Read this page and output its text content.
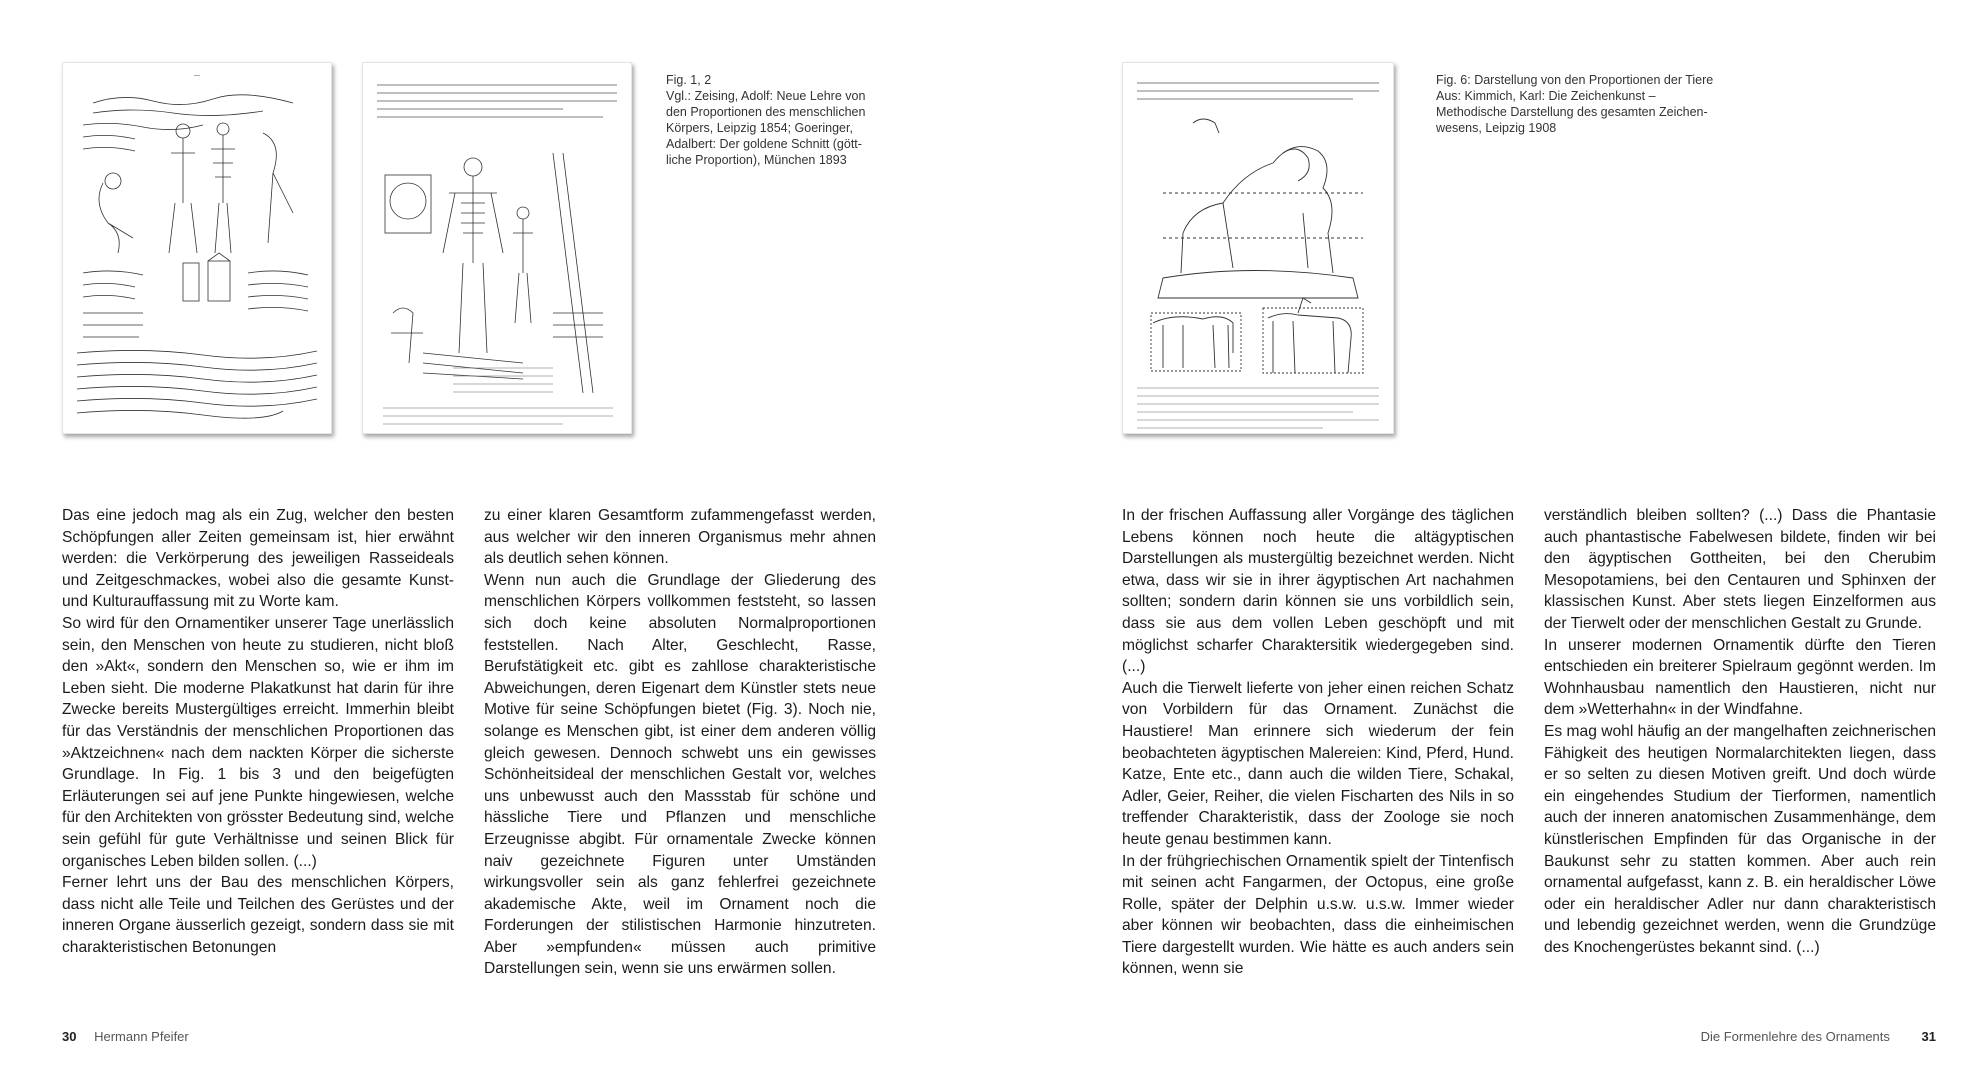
—	Fig. 1, 2
Vgl.: Zeising, Adolf: Neue Lehre von
den Proportionen des menschlichen
Körpers, Leipzig 1854; Goeringer,
Adalbert: Der goldene Schnitt (gött-
liche Proportion), München 1893
Fig. 6: Darstellung von den Proportionen der Tiere
Aus: Kimmich, Karl: Die Zeichenkunst –
Methodische Darstellung des gesamten Zeichen-
wesens, Leipzig 1908

Das eine jedoch mag als ein Zug, welcher den besten Schöpfungen aller Zeiten gemeinsam ist, hier erwähnt werden: die Verkörperung des jeweiligen Rasseideals und Zeitgeschmackes, wobei also die gesamte Kunst- und Kulturauffassung mit zu Worte kam.

So wird für den Ornamentiker unserer Tage unerlässlich sein, den Menschen von heute zu studieren, nicht bloß den »Akt«, sondern den Menschen so, wie er ihm im Leben sieht. Die moderne Plakatkunst hat darin für ihre Zwecke bereits Mustergültiges erreicht. Immerhin bleibt für das Verständnis der menschlichen Proportionen das »Aktzeichnen« nach dem nackten Körper die sicherste Grundlage. In Fig. 1 bis 3 und den beigefügten Erläuterungen sei auf jene Punkte hingewiesen, welche für den Architekten von grösster Bedeutung sind, welche sein gefühl für gute Verhältnisse und seinen Blick für organisches Leben bilden sollen. (...)

Ferner lehrt uns der Bau des menschlichen Körpers, dass nicht alle Teile und Teilchen des Gerüstes und der inneren Organe äusserlich gezeigt, sondern dass sie mit charakteristischen Betonungen

zu einer klaren Gesamtform zufammengefasst werden, aus welcher wir den inneren Organismus mehr ahnen als deutlich sehen können.

Wenn nun auch die Grundlage der Gliederung des menschlichen Körpers vollkommen feststeht, so lassen sich doch keine absoluten Normalproportionen feststellen. Nach Alter, Geschlecht, Rasse, Berufstätigkeit etc. gibt es zahllose charakteristische Abweichungen, deren Eigenart dem Künstler stets neue Motive für seine Schöpfungen bietet (Fig. 3). Noch nie, solange es Menschen gibt, ist einer dem anderen völlig gleich gewesen. Dennoch schwebt uns ein gewisses Schönheitsideal der menschlichen Gestalt vor, welches uns unbewusst auch den Massstab für schöne und hässliche Tiere und Pflanzen und menschliche Erzeugnisse abgibt. Für ornamentale Zwecke können naiv gezeichnete Figuren unter Umständen wirkungsvoller sein als ganz fehlerfrei gezeichnete akademische Akte, weil im Ornament noch die Forderungen der stilistischen Harmonie hinzutreten. Aber »empfunden« müssen auch primitive Darstellungen sein, wenn sie uns erwärmen sollen.

In der frischen Auffassung aller Vorgänge des täglichen Lebens können noch heute die altägyptischen Darstellungen als mustergültig bezeichnet werden. Nicht etwa, dass wir sie in ihrer ägyptischen Art nachahmen sollten; sondern darin können sie uns vorbildlich sein, dass sie aus dem vollen Leben geschöpft und mit möglichst scharfer Charaktersitik wiedergegeben sind. (...)

Auch die Tierwelt lieferte von jeher einen reichen Schatz von Vorbildern für das Ornament. Zunächst die Haustiere! Man erinnere sich wiederum der fein beobachteten ägyptischen Malereien: Kind, Pferd, Hund. Katze, Ente etc., dann auch die wilden Tiere, Schakal, Adler, Geier, Reiher, die vielen Fischarten des Nils in so treffender Charakteristik, dass der Zoologe sie noch heute genau bestimmen kann.

In der frühgriechischen Ornamentik spielt der Tintenfisch mit seinen acht Fangarmen, der Octopus, eine große Rolle, später der Delphin u.s.w. u.s.w. Immer wieder aber können wir beobachten, dass die einheimischen Tiere dargestellt wurden. Wie hätte es auch anders sein können, wenn sie

verständlich bleiben sollten? (...) Dass die Phantasie auch phantastische Fabelwesen bildete, finden wir bei den ägyptischen Gottheiten, bei den Cherubim Mesopotamiens, bei den Centauren und Sphinxen der klassischen Kunst. Aber stets liegen Einzelformen aus der Tierwelt oder der menschlichen Gestalt zu Grunde.

In unserer modernen Ornamentik dürfte den Tieren entschieden ein breiterer Spielraum gegönnt werden. Im Wohnhausbau namentlich den Haustieren, nicht nur dem »Wetterhahn« in der Windfahne.

Es mag wohl häufig an der mangelhaften zeichnerischen Fähigkeit des heutigen Normalarchitekten liegen, dass er so selten zu diesen Motiven greift. Und doch würde ein eingehendes Studium der Tierformen, namentlich auch der inneren anatomischen Zusammenhänge, dem künstlerischen Empfinden für das Organische in der Baukunst sehr zu statten kommen. Aber auch rein ornamental aufgefasst, kann z. B. ein heraldischer Löwe oder ein heraldischer Adler nur dann charakteristisch und lebendig gezeichnet werden, wenn die Grundzüge des Knochengerüstes bekannt sind. (...)

30 Hermann Pfeifer	Die Formenlehre des Ornaments 31
